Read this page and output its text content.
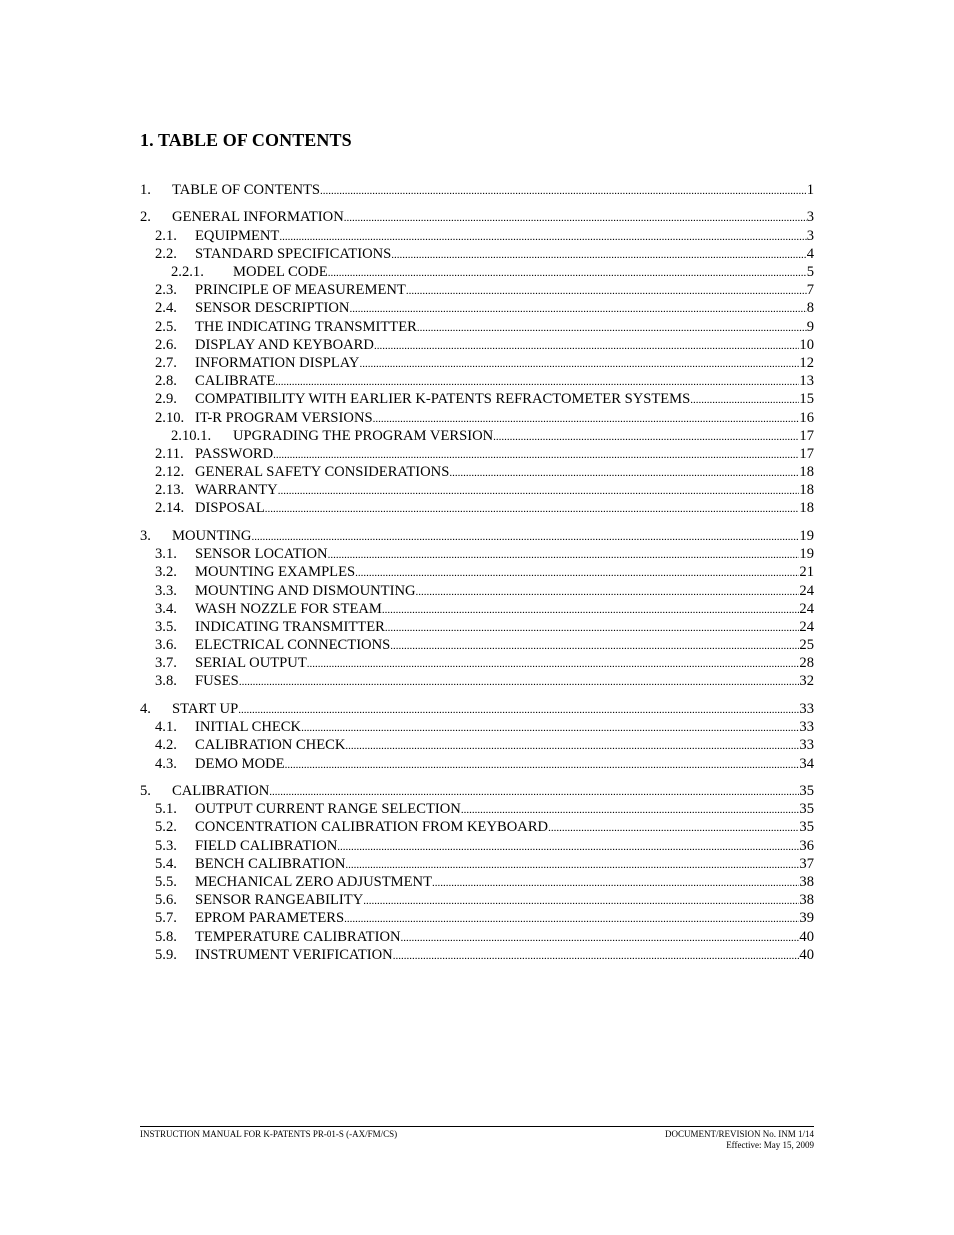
1. TABLE OF CONTENTS
1.	TABLE OF CONTENTS .....	1
2.	GENERAL INFORMATION .....	3
2.1.	EQUIPMENT .....	3
2.2.	STANDARD SPECIFICATIONS .....	4
2.2.1.	MODEL CODE .....	5
2.3.	PRINCIPLE OF MEASUREMENT .....	7
2.4.	SENSOR DESCRIPTION .....	8
2.5.	THE INDICATING TRANSMITTER .....	9
2.6.	DISPLAY AND KEYBOARD .....	10
2.7.	INFORMATION DISPLAY .....	12
2.8.	CALIBRATE .....	13
2.9.	COMPATIBILITY WITH EARLIER K-PATENTS REFRACTOMETER SYSTEMS .....	15
2.10. IT-R PROGRAM VERSIONS .....	16
2.10.1.	UPGRADING THE PROGRAM VERSION .....	17
2.11. PASSWORD .....	17
2.12. GENERAL SAFETY CONSIDERATIONS .....	18
2.13. WARRANTY .....	18
2.14. DISPOSAL .....	18
3.	MOUNTING .....	19
3.1.	SENSOR LOCATION .....	19
3.2.	MOUNTING EXAMPLES .....	21
3.3.	MOUNTING AND DISMOUNTING .....	24
3.4.	WASH NOZZLE FOR STEAM .....	24
3.5.	INDICATING TRANSMITTER .....	24
3.6.	ELECTRICAL CONNECTIONS .....	25
3.7.	SERIAL OUTPUT .....	28
3.8.	FUSES .....	32
4.	START UP .....	33
4.1.	INITIAL CHECK .....	33
4.2.	CALIBRATION CHECK .....	33
4.3.	DEMO MODE .....	34
5.	CALIBRATION .....	35
5.1.	OUTPUT CURRENT RANGE SELECTION .....	35
5.2.	CONCENTRATION CALIBRATION FROM KEYBOARD .....	35
5.3.	FIELD CALIBRATION .....	36
5.4.	BENCH CALIBRATION .....	37
5.5.	MECHANICAL ZERO ADJUSTMENT .....	38
5.6.	SENSOR RANGEABILITY .....	38
5.7.	EPROM PARAMETERS .....	39
5.8.	TEMPERATURE CALIBRATION .....	40
5.9.	INSTRUMENT VERIFICATION .....	40
INSTRUCTION MANUAL FOR K-PATENTS PR-01-S (-AX/FM/CS)	DOCUMENT/REVISION No. INM 1/14
Effective: May 15, 2009
